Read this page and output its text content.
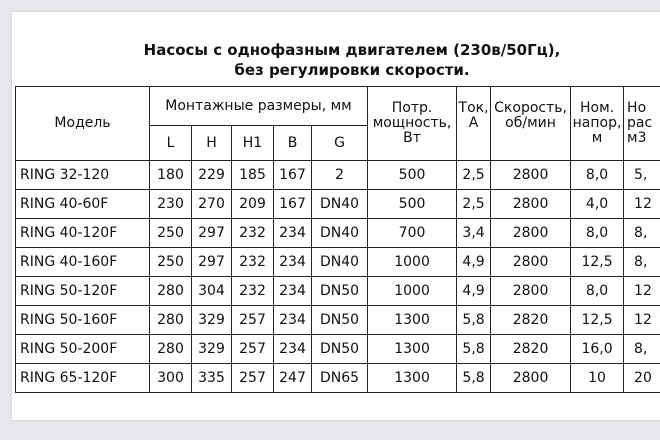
Насосы с однофазным двигателем (230в/50Гц),
без регулировки скорости.
Модель	Монтажные размеры, мм					Потр.
мощность,
Вт	Ток,
А	Скорость,
об/мин	Ном.
напор,
м	Но
рас
м3
	L	H	H1	B	G					
RING 32-120	180	229	185	167	2	500	2,5	2800	8,0	5,
RING 40-60F	230	270	209	167	DN40	500	2,5	2800	4,0	12
RING 40-120F	250	297	232	234	DN40	700	3,4	2800	8,0	8,
RING 40-160F	250	297	232	234	DN40	1000	4,9	2800	12,5	8,
RING 50-120F	280	304	232	234	DN50	1000	4,9	2800	8,0	12
RING 50-160F	280	329	257	234	DN50	1300	5,8	2820	12,5	12
RING 50-200F	280	329	257	234	DN50	1300	5,8	2820	16,0	8,
RING 65-120F	300	335	257	247	DN65	1300	5,8	2800	10	20
